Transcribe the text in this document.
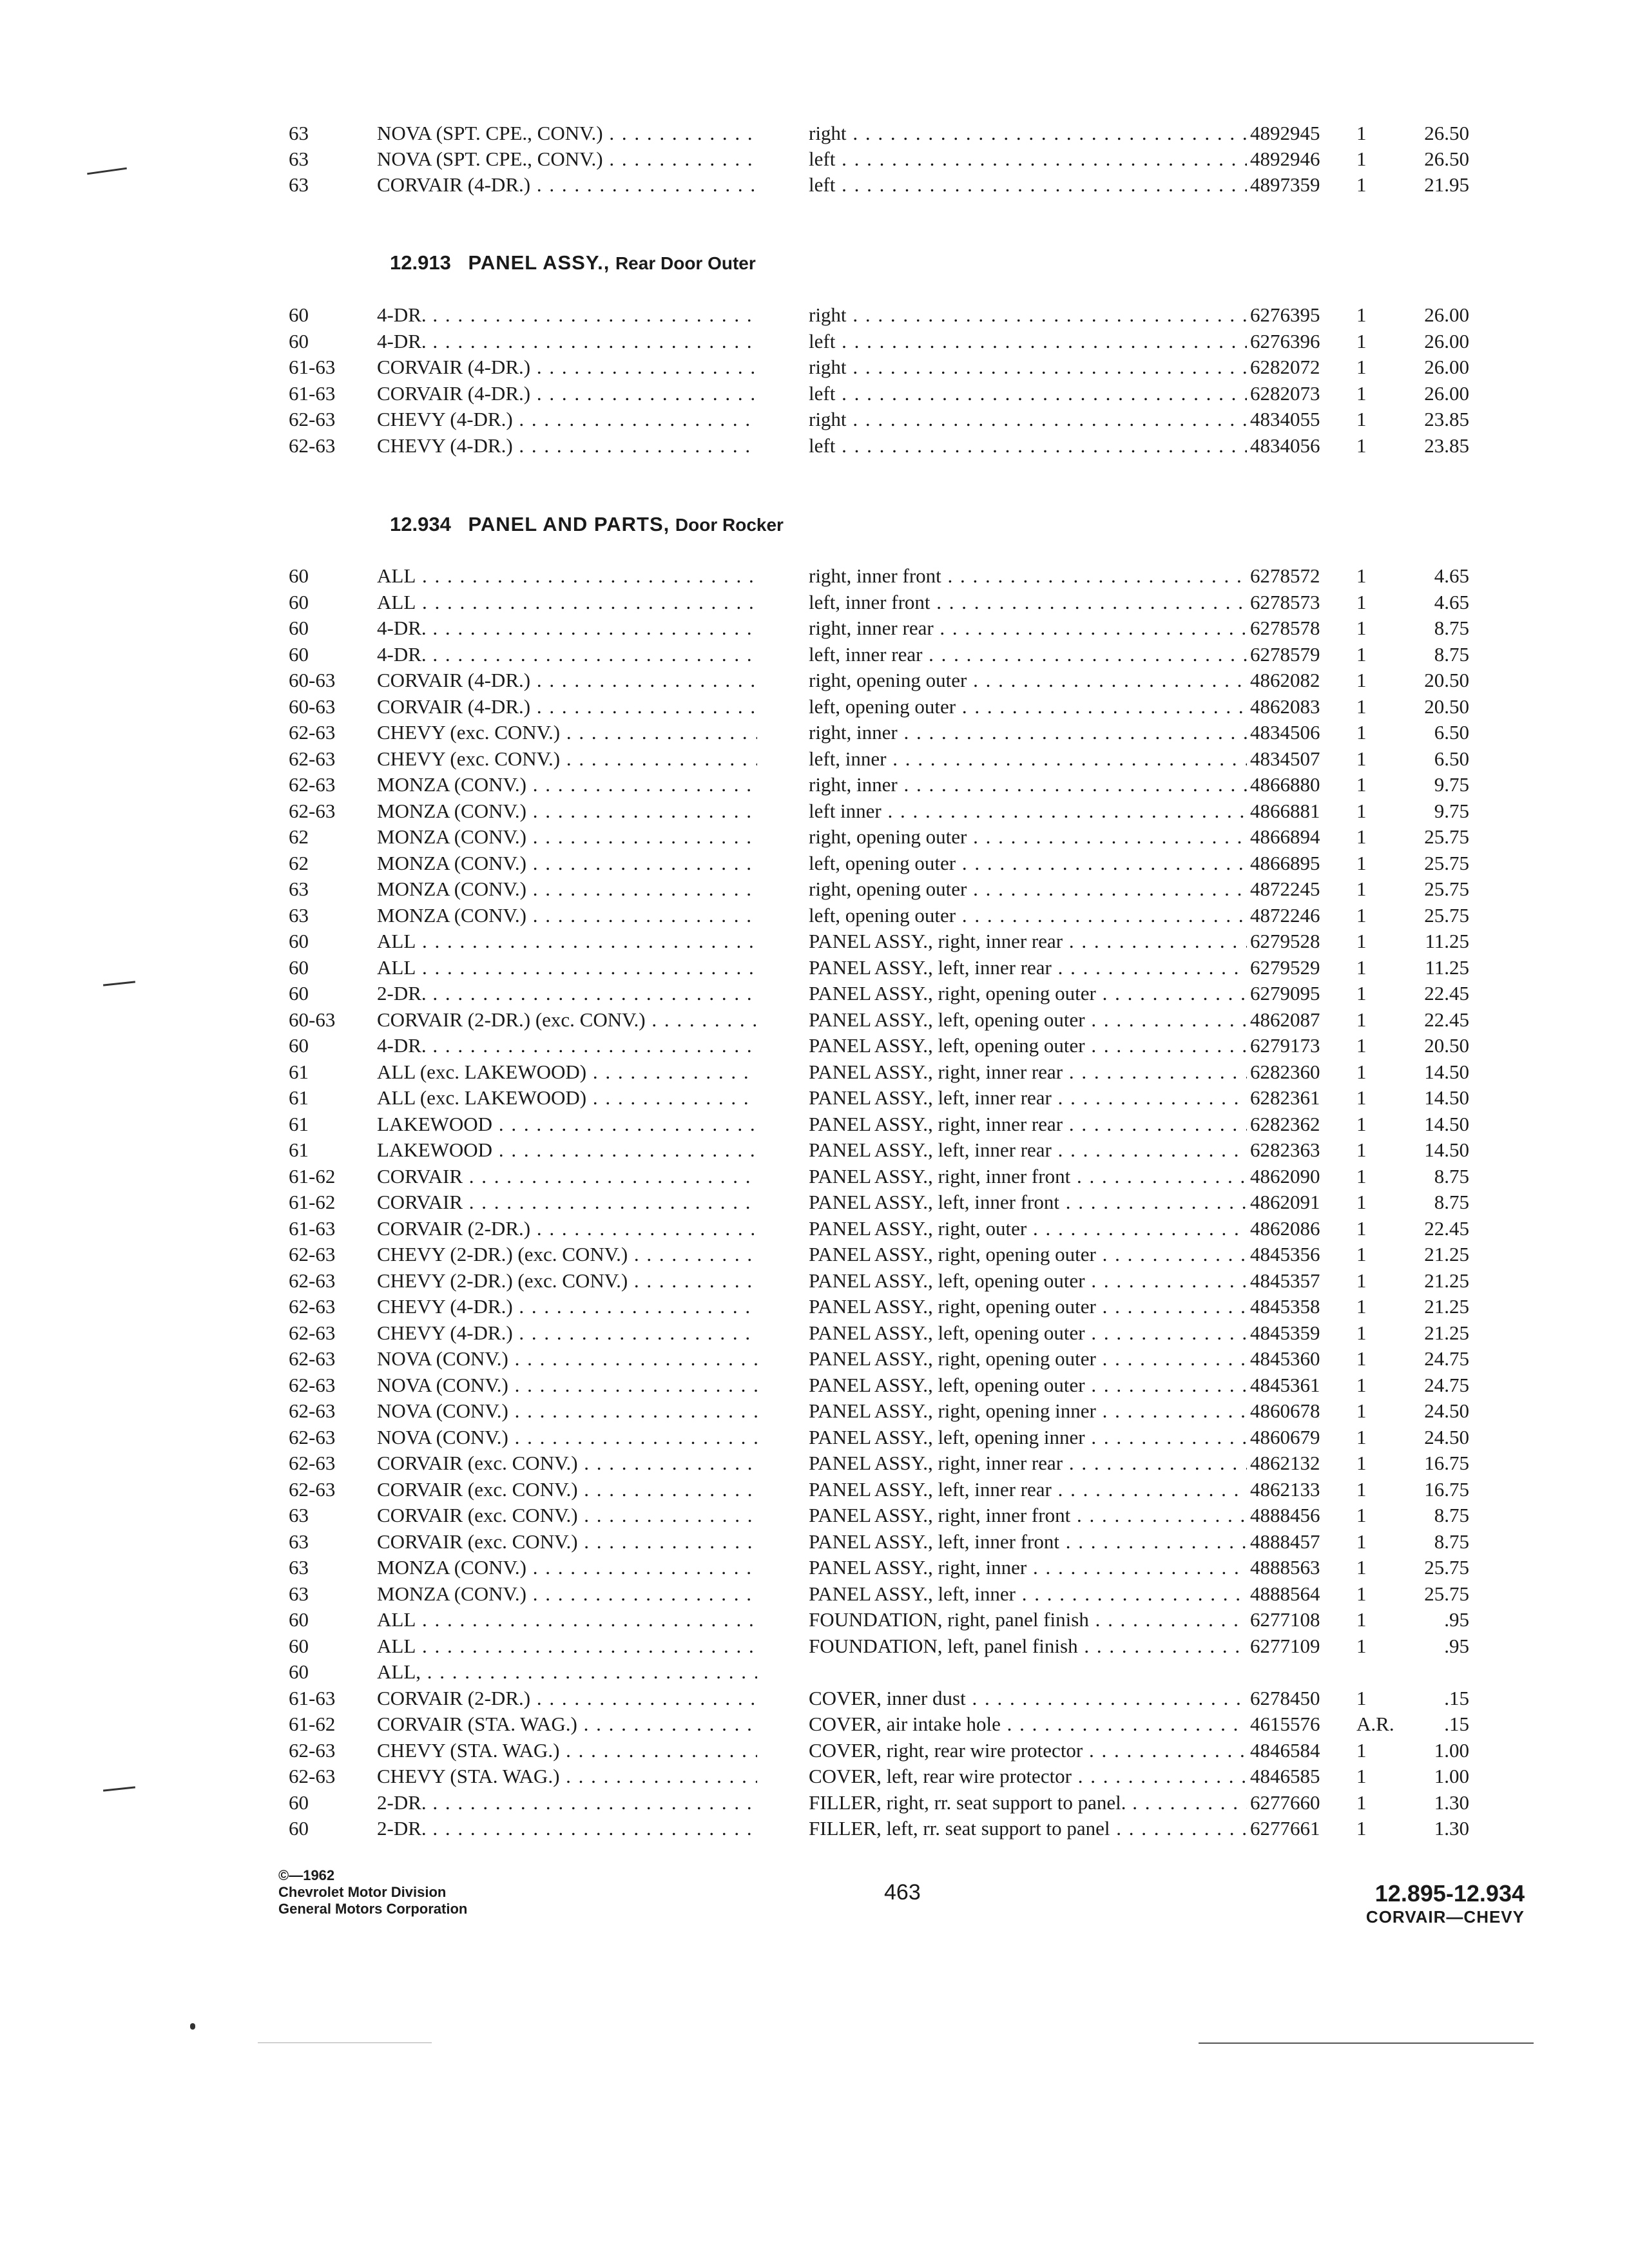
63	NOVA (SPT. CPE., CONV.) . . .	right . . .	4892945	1	26.50
63	NOVA (SPT. CPE., CONV.) . . .	left . . .	4892946	1	26.50
63	CORVAIR (4-DR.) . . .	left . . .	4897359	1	21.95
12.913 PANEL ASSY., Rear Door Outer
60	4-DR. . . .	right . . .	6276395	1	26.00
60	4-DR. . . .	left . . .	6276396	1	26.00
61-63	CORVAIR (4-DR.) . . .	right . . .	6282072	1	26.00
61-63	CORVAIR (4-DR.) . . .	left . . .	6282073	1	26.00
62-63	CHEVY (4-DR.) . . .	right . . .	4834055	1	23.85
62-63	CHEVY (4-DR.) . . .	left . . .	4834056	1	23.85
12.934 PANEL AND PARTS, Door Rocker
60	ALL . . .	right, inner front . . .	6278572	1	4.65
60	ALL . . .	left, inner front . . .	6278573	1	4.65
60	4-DR. . . .	right, inner rear . . .	6278578	1	8.75
60	4-DR. . . .	left, inner rear . . .	6278579	1	8.75
60-63	CORVAIR (4-DR.) . . .	right, opening outer . . .	4862082	1	20.50
60-63	CORVAIR (4-DR.) . . .	left, opening outer . . .	4862083	1	20.50
62-63	CHEVY (exc. CONV.) . . .	right, inner . . .	4834506	1	6.50
62-63	CHEVY (exc. CONV.) . . .	left, inner . . .	4834507	1	6.50
62-63	MONZA (CONV.) . . .	right, inner . . .	4866880	1	9.75
62-63	MONZA (CONV.) . . .	left inner . . .	4866881	1	9.75
62	MONZA (CONV.) . . .	right, opening outer . . .	4866894	1	25.75
62	MONZA (CONV.) . . .	left, opening outer . . .	4866895	1	25.75
63	MONZA (CONV.) . . .	right, opening outer . . .	4872245	1	25.75
63	MONZA (CONV.) . . .	left, opening outer . . .	4872246	1	25.75
60	ALL . . .	PANEL ASSY., right, inner rear . . .	6279528	1	11.25
60	ALL . . .	PANEL ASSY., left, inner rear . . .	6279529	1	11.25
60	2-DR. . . .	PANEL ASSY., right, opening outer . . .	6279095	1	22.45
60-63	CORVAIR (2-DR.) (exc. CONV.) . . .	PANEL ASSY., left, opening outer . . .	4862087	1	22.45
60	4-DR. . . .	PANEL ASSY., left, opening outer . . .	6279173	1	20.50
61	ALL (exc. LAKEWOOD) . . .	PANEL ASSY., right, inner rear . . .	6282360	1	14.50
61	ALL (exc. LAKEWOOD) . . .	PANEL ASSY., left, inner rear . . .	6282361	1	14.50
61	LAKEWOOD . . .	PANEL ASSY., right, inner rear . . .	6282362	1	14.50
61	LAKEWOOD . . .	PANEL ASSY., left, inner rear . . .	6282363	1	14.50
61-62	CORVAIR . . .	PANEL ASSY., right, inner front . . .	4862090	1	8.75
61-62	CORVAIR . . .	PANEL ASSY., left, inner front . . .	4862091	1	8.75
61-63	CORVAIR (2-DR.) . . .	PANEL ASSY., right, outer . . .	4862086	1	22.45
62-63	CHEVY (2-DR.) (exc. CONV.) . . .	PANEL ASSY., right, opening outer . . .	4845356	1	21.25
62-63	CHEVY (2-DR.) (exc. CONV.) . . .	PANEL ASSY., left, opening outer . . .	4845357	1	21.25
62-63	CHEVY (4-DR.) . . .	PANEL ASSY., right, opening outer . . .	4845358	1	21.25
62-63	CHEVY (4-DR.) . . .	PANEL ASSY., left, opening outer . . .	4845359	1	21.25
62-63	NOVA (CONV.) . . .	PANEL ASSY., right, opening outer . . .	4845360	1	24.75
62-63	NOVA (CONV.) . . .	PANEL ASSY., left, opening outer . . .	4845361	1	24.75
62-63	NOVA (CONV.) . . .	PANEL ASSY., right, opening inner . . .	4860678	1	24.50
62-63	NOVA (CONV.) . . .	PANEL ASSY., left, opening inner . . .	4860679	1	24.50
62-63	CORVAIR (exc. CONV.) . . .	PANEL ASSY., right, inner rear . . .	4862132	1	16.75
62-63	CORVAIR (exc. CONV.) . . .	PANEL ASSY., left, inner rear . . .	4862133	1	16.75
63	CORVAIR (exc. CONV.) . . .	PANEL ASSY., right, inner front . . .	4888456	1	8.75
63	CORVAIR (exc. CONV.) . . .	PANEL ASSY., left, inner front . . .	4888457	1	8.75
63	MONZA (CONV.) . . .	PANEL ASSY., right, inner . . .	4888563	1	25.75
63	MONZA (CONV.) . . .	PANEL ASSY., left, inner . . .	4888564	1	25.75
60	ALL . . .	FOUNDATION, right, panel finish . . .	6277108	1	.95
60	ALL . . .	FOUNDATION, left, panel finish . . .	6277109	1	.95
60	ALL, . . .
61-63	CORVAIR (2-DR.) . . .	COVER, inner dust . . .	6278450	1	.15
61-62	CORVAIR (STA. WAG.) . . .	COVER, air intake hole . . .	4615576	A.R.	.15
62-63	CHEVY (STA. WAG.) . . .	COVER, right, rear wire protector . . .	4846584	1	1.00
62-63	CHEVY (STA. WAG.) . . .	COVER, left, rear wire protector . . .	4846585	1	1.00
60	2-DR. . . .	FILLER, right, rr. seat support to panel. . . .	6277660	1	1.30
60	2-DR. . . .	FILLER, left, rr. seat support to panel . . .	6277661	1	1.30
©—1962
Chevrolet Motor Division
General Motors Corporation
463	12.895-12.934
CORVAIR—CHEVY
